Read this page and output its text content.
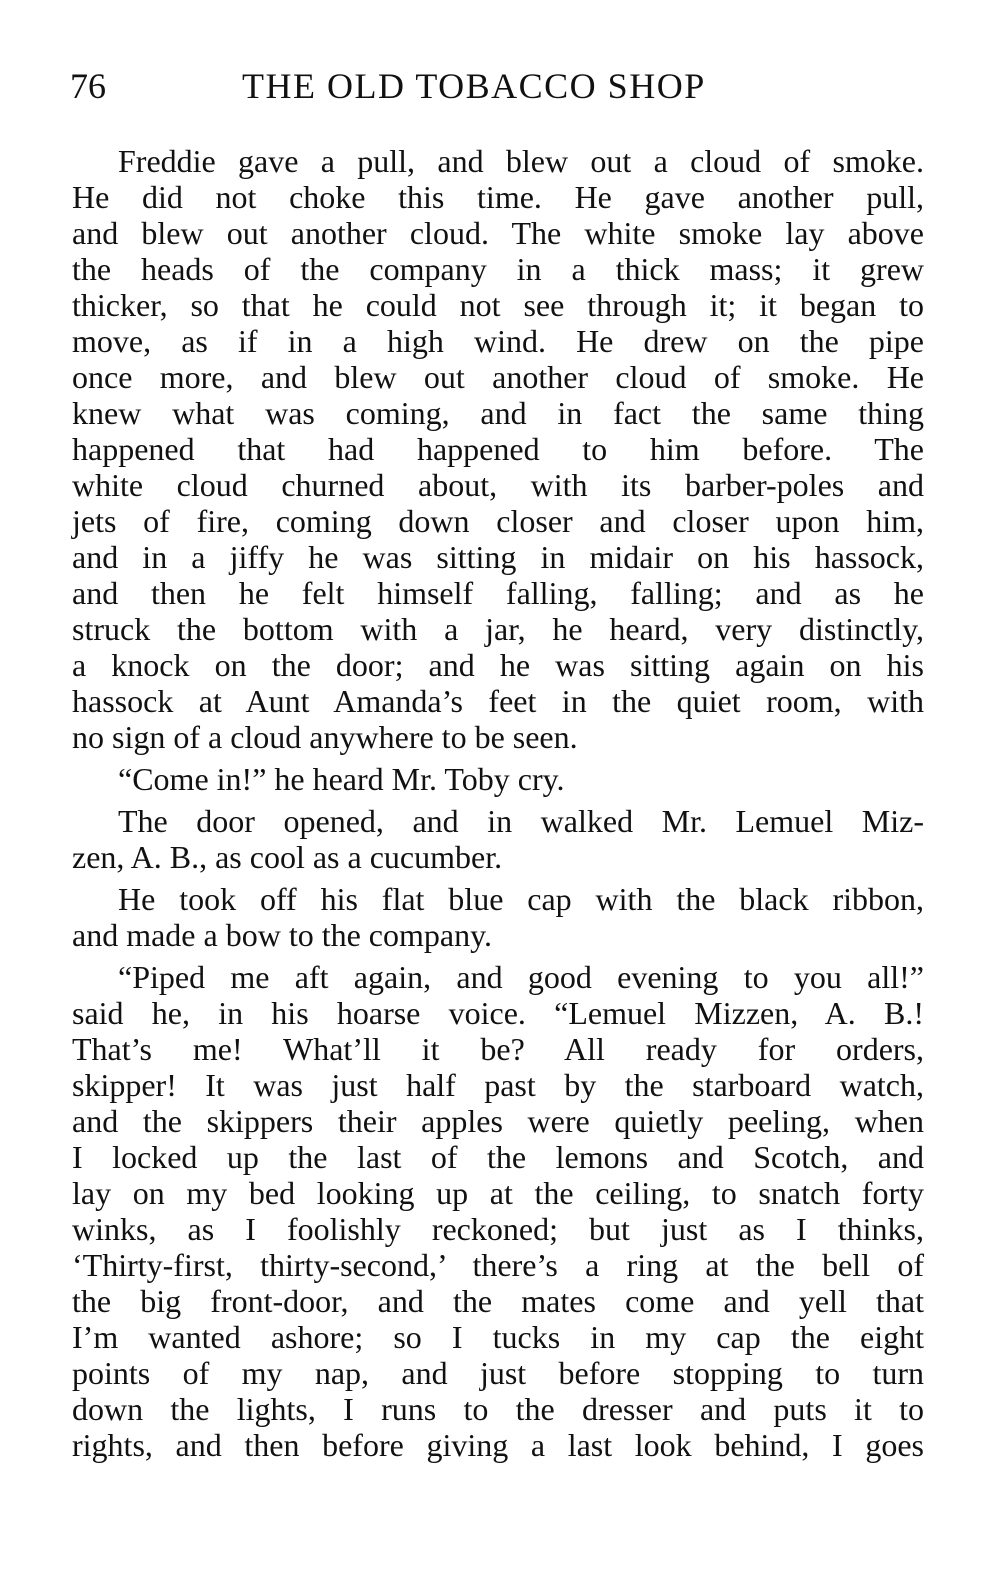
76	THE OLD TOBACCO SHOP

Freddie gave a pull, and blew out a cloud of smoke.
He did not choke this time. He gave another pull,
and blew out another cloud. The white smoke lay above
the heads of the company in a thick mass; it grew
thicker, so that he could not see through it; it began to
move, as if in a high wind. He drew on the pipe
once more, and blew out another cloud of smoke. He
knew what was coming, and in fact the same thing
happened that had happened to him before. The
white cloud churned about, with its barber-poles and
jets of fire, coming down closer and closer upon him,
and in a jiffy he was sitting in midair on his hassock,
and then he felt himself falling, falling; and as he
struck the bottom with a jar, he heard, very distinctly,
a knock on the door; and he was sitting again on his
hassock at Aunt Amanda’s feet in the quiet room, with
no sign of a cloud anywhere to be seen.

“Come in!” he heard Mr. Toby cry.

The door opened, and in walked Mr. Lemuel Miz-
zen, A. B., as cool as a cucumber.

He took off his flat blue cap with the black ribbon,
and made a bow to the company.

“Piped me aft again, and good evening to you all!”
said he, in his hoarse voice. “Lemuel Mizzen, A. B.!
That’s me! What’ll it be? All ready for orders,
skipper! It was just half past by the starboard watch,
and the skippers their apples were quietly peeling, when
I locked up the last of the lemons and Scotch, and
lay on my bed looking up at the ceiling, to snatch forty
winks, as I foolishly reckoned; but just as I thinks,
‘Thirty-first, thirty-second,’ there’s a ring at the bell of
the big front-door, and the mates come and yell that
I’m wanted ashore; so I tucks in my cap the eight
points of my nap, and just before stopping to turn
down the lights, I runs to the dresser and puts it to
rights, and then before giving a last look behind, I goes
